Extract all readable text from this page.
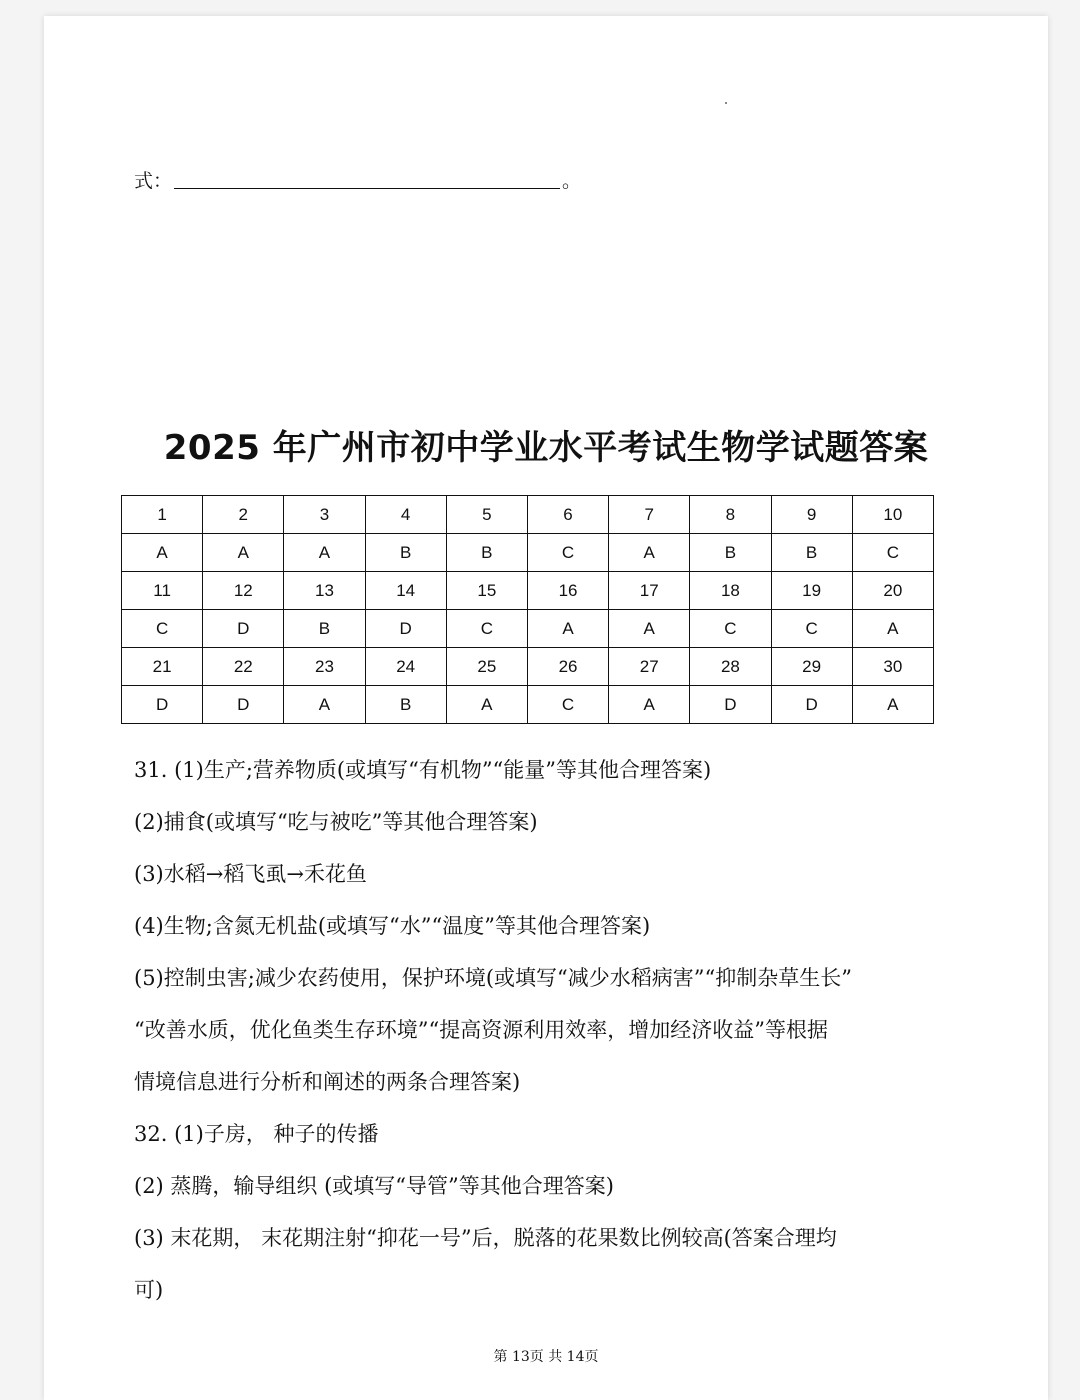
式：	。
2025 年广州市初中学业水平考试生物学试题答案
1	2	3	4	5	6	7	8	9	10
A	A	A	B	B	C	A	B	B	C
11	12	13	14	15	16	17	18	19	20
C	D	B	D	C	A	A	C	C	A
21	22	23	24	25	26	27	28	29	30
D	D	A	B	A	C	A	D	D	A

31. (1)生产;营养物质(或填写“有机物”“能量”等其他合理答案)

(2)捕食(或填写“吃与被吃”等其他合理答案)

(3)水稻→稻飞虱→禾花鱼

(4)生物;含氮无机盐(或填写“水”“温度”等其他合理答案)

(5)控制虫害;减少农药使用，保护环境(或填写“减少水稻病害”“抑制杂草生长”

“改善水质，优化鱼类生存环境”“提高资源利用效率，增加经济收益”等根据

情境信息进行分析和阐述的两条合理答案)

32. (1)子房， 种子的传播

(2) 蒸腾，输导组织 (或填写“导管”等其他合理答案)

(3) 末花期， 末花期注射“抑花一号”后，脱落的花果数比例较高(答案合理均

可)

第 13页 共 14页
